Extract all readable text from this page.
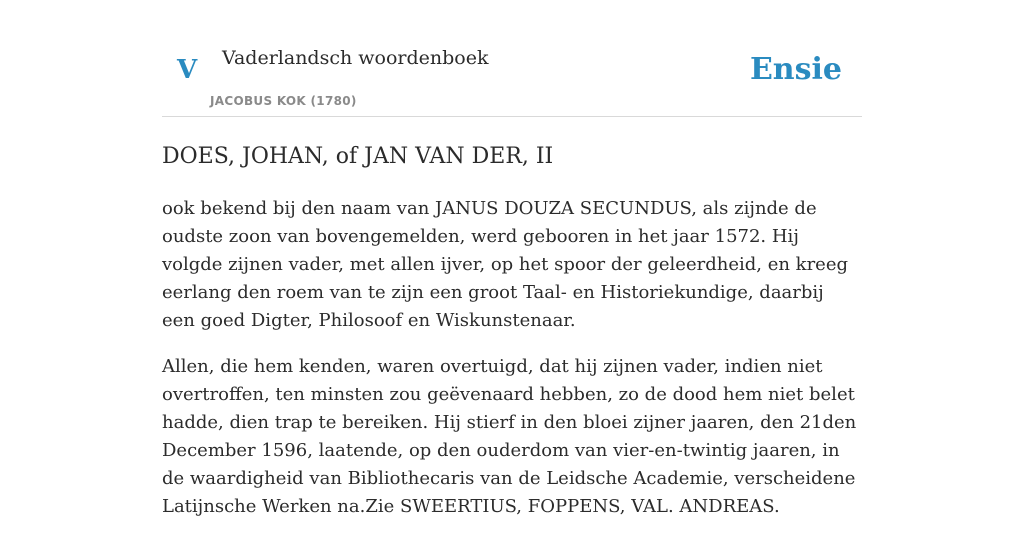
V Vaderlandsch woordenboek
JACOBUS KOK (1780)
Ensie
DOES, JOHAN, of JAN VAN DER, II

ook bekend bij den naam van JANUS DOUZA SECUNDUS, als zijnde de oudste zoon van bovengemelden, werd gebooren in het jaar 1572. Hij volgde zijnen vader, met allen ijver, op het spoor der geleerdheid, en kreeg eerlang den roem van te zijn een groot Taal- en Historiekundige, daarbij een goed Digter, Philosoof en Wiskunstenaar.

Allen, die hem kenden, waren overtuigd, dat hij zijnen vader, indien niet overtroffen, ten minsten zou geëvenaard hebben, zo de dood hem niet belet hadde, dien trap te bereiken. Hij stierf in den bloei zijner jaaren, den 21den December 1596, laatende, op den ouderdom van vier-en-twintig jaaren, in de waardigheid van Bibliothecaris van de Leidsche Academie, verscheidene Latijnsche Werken na.Zie SWEERTIUS, FOPPENS, VAL. ANDREAS.
